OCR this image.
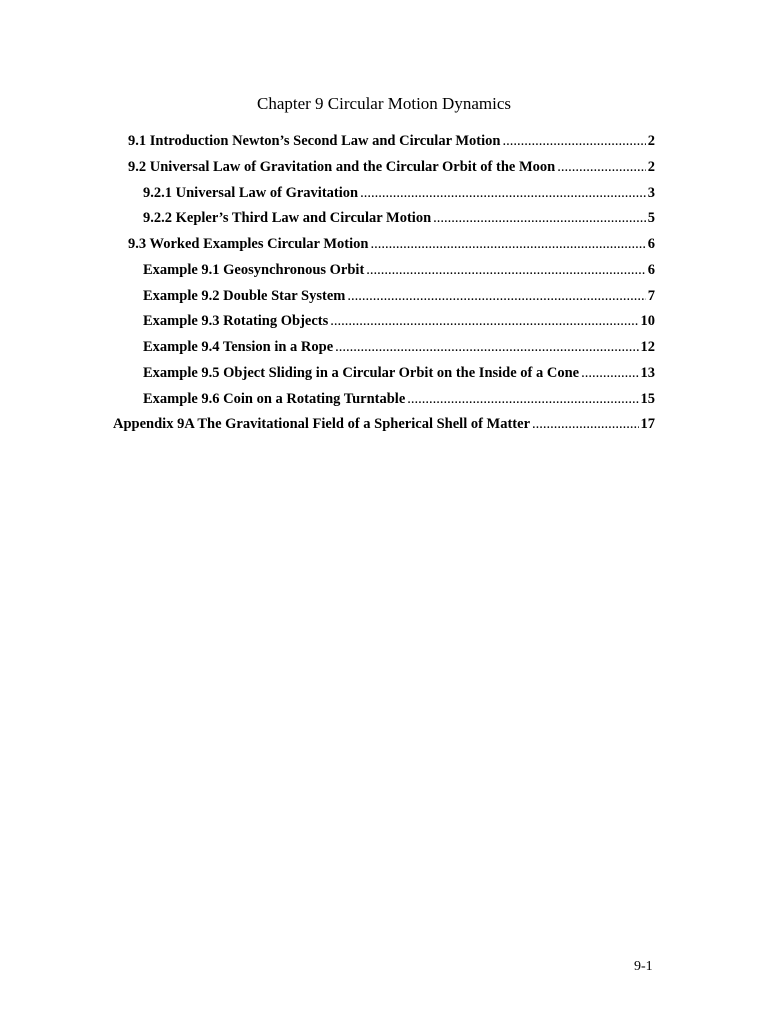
Chapter 9 Circular Motion Dynamics
9.1 Introduction Newton’s Second Law and Circular Motion .....	2
9.2 Universal Law of Gravitation and the Circular Orbit of the Moon .....	2
9.2.1 Universal Law of Gravitation .....	3
9.2.2 Kepler’s Third Law and Circular Motion .....	5
9.3 Worked Examples Circular Motion .....	6
Example 9.1 Geosynchronous Orbit .....	6
Example 9.2 Double Star System .....	7
Example 9.3 Rotating Objects .....	10
Example 9.4 Tension in a Rope .....	12
Example 9.5 Object Sliding in a Circular Orbit on the Inside of a Cone .....	13
Example 9.6 Coin on a Rotating Turntable .....	15
Appendix 9A The Gravitational Field of a Spherical Shell of Matter .....	17
9-1
